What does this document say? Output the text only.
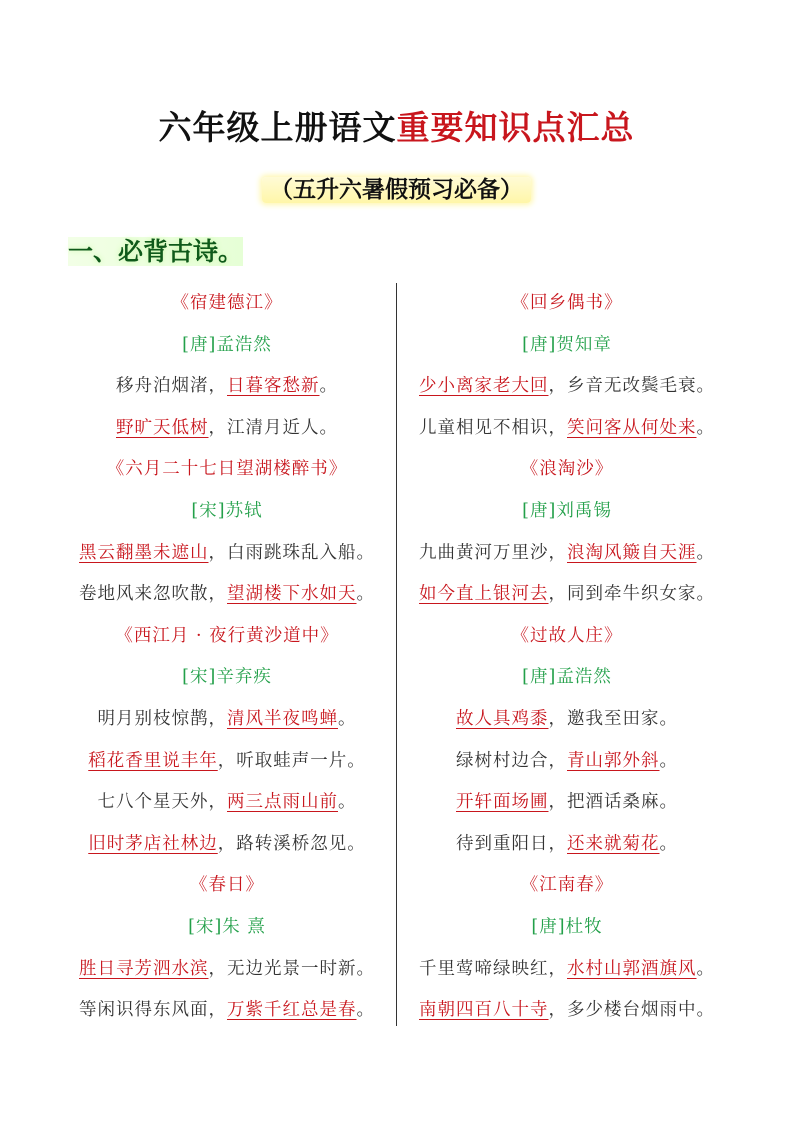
六年级上册语文重要知识点汇总
（五升六暑假预习必备）
一、必背古诗。
《宿建德江》
[唐]孟浩然
移舟泊烟渚，日暮客愁新。
野旷天低树，江清月近人。
《六月二十七日望湖楼醉书》
[宋]苏轼
黑云翻墨未遮山，白雨跳珠乱入船。
卷地风来忽吹散，望湖楼下水如天。
《西江月 · 夜行黄沙道中》
[宋]辛弃疾
明月别枝惊鹊，清风半夜鸣蝉。
稻花香里说丰年，听取蛙声一片。
七八个星天外，两三点雨山前。
旧时茅店社林边，路转溪桥忽见。
《春日》
[宋]朱 熹
胜日寻芳泗水滨，无边光景一时新。
等闲识得东风面，万紫千红总是春。
《回乡偶书》
[唐]贺知章
少小离家老大回，乡音无改鬓毛衰。
儿童相见不相识，笑问客从何处来。
《浪淘沙》
[唐]刘禹锡
九曲黄河万里沙，浪淘风簸自天涯。
如今直上银河去，同到牵牛织女家。
《过故人庄》
[唐]孟浩然
故人具鸡黍，邀我至田家。
绿树村边合，青山郭外斜。
开轩面场圃，把酒话桑麻。
待到重阳日，还来就菊花。
《江南春》
[唐]杜牧
千里莺啼绿映红，水村山郭酒旗风。
南朝四百八十寺，多少楼台烟雨中。
